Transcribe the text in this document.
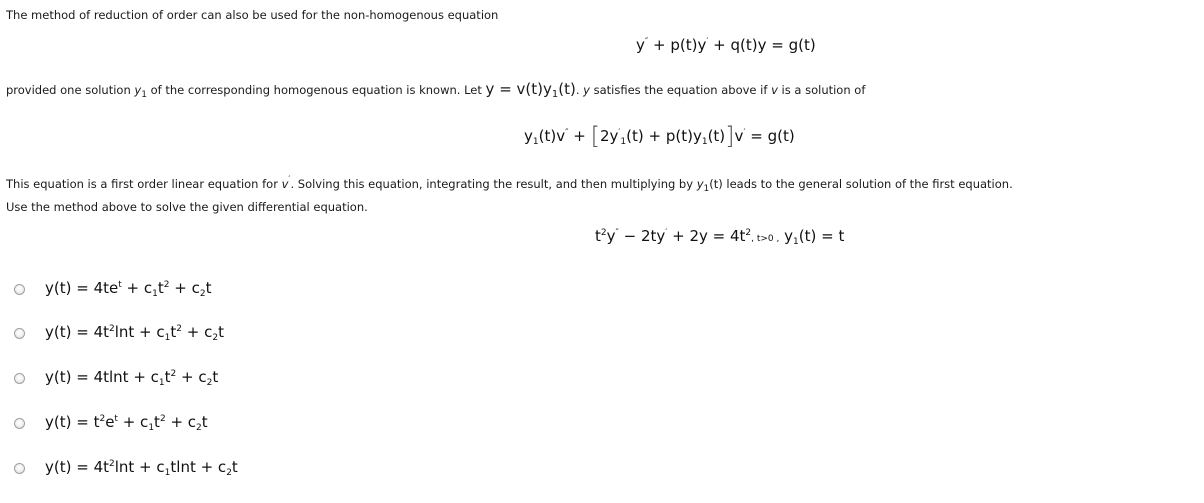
The method of reduction of order can also be used for the non-homogenous equation
y″ + p(t)y′ + q(t)y = g(t)
provided one solution $y_1$ of the corresponding homogenous equation is known. Let y = v(t)y1(t). y satisfies the equation above if v is a solution of
$y_1(t)v'' + [2y'_1(t) + p(t)y_1(t)]v' = g(t)$
This equation is a first order linear equation for v′. Solving this equation, integrating the result, and then multiplying by $y_1(t)$ leads to the general solution of the first equation.
Use the method above to solve the given differential equation.
$t^2y'' - 2ty' + 2y = 4t^2$, t>0 , $y_1(t) = t$
$y(t) = 4te^t + c_1t^2 + c_2t$
$y(t) = 4t^2\ln t + c_1t^2 + c_2t$
$y(t) = 4tlnt + c_1t^2 + c_2t$
$y(t) = t^2e^t + c_1t^2 + c_2t$
$y(t) = 4t^2\ln t + c_1tlnt + c_2t$
